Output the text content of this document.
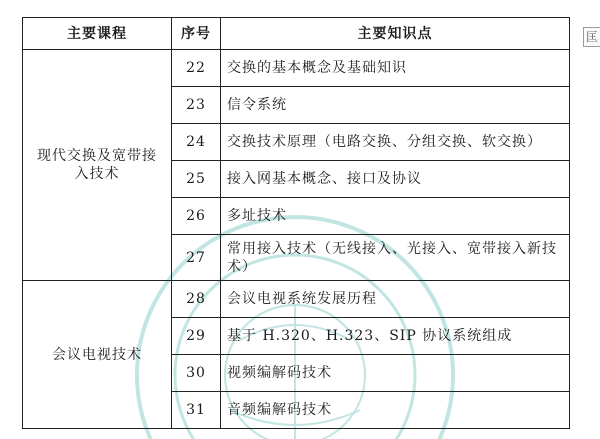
匡
主要课程	序号	主要知识点
现代交换及宽带接入技术	22	交换的基本概念及基础知识
	23	信令系统
	24	交换技术原理（电路交换、分组交换、软交换）
	25	接入网基本概念、接口及协议
	26	多址技术
	27	常用接入技术（无线接入、光接入、宽带接入新技术）

会议电视技术	28	会议电视系统发展历程
	29	基于 H.320、H.323、SIP 协议系统组成
	30	视频编解码技术
	31	音频编解码技术
